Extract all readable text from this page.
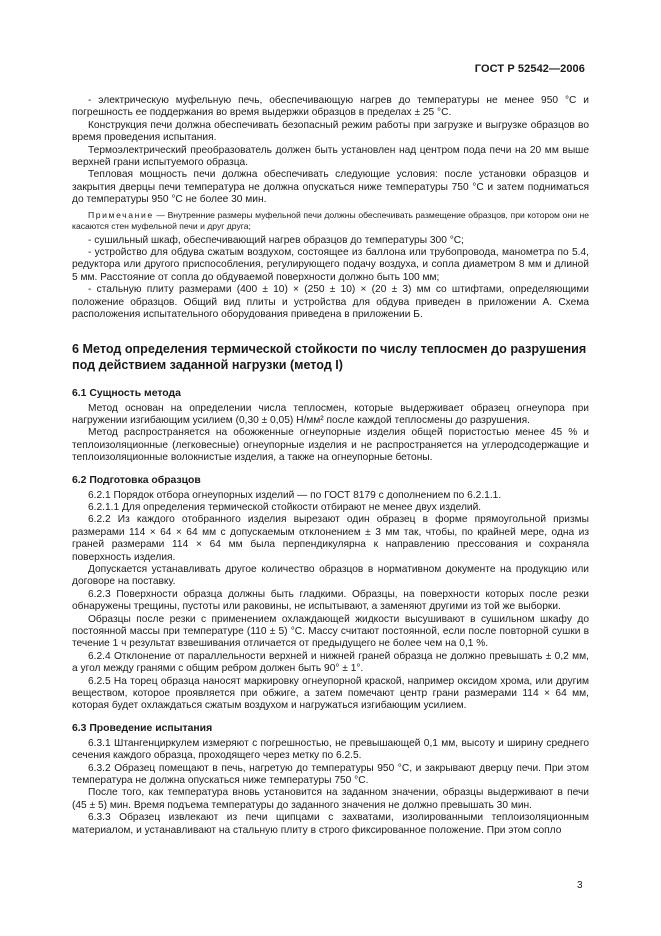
ГОСТ Р 52542—2006

- электрическую муфельную печь, обеспечивающую нагрев до температуры не менее 950 °С и погрешность ее поддержания во время выдержки образцов в пределах ± 25 °С.

Конструкция печи должна обеспечивать безопасный режим работы при загрузке и выгрузке образцов во время проведения испытания.

Термоэлектрический преобразователь должен быть установлен над центром пода печи на 20 мм выше верхней грани испытуемого образца.

Тепловая мощность печи должна обеспечивать следующие условия: после установки образцов и закрытия дверцы печи температура не должна опускаться ниже температуры 750 °С и затем подниматься до температуры 950 °С не более 30 мин.

Примечание — Внутренние размеры муфельной печи должны обеспечивать размещение образцов, при котором они не касаются стен муфельной печи и друг друга;

- сушильный шкаф, обеспечивающий нагрев образцов до температуры 300 °С;

- устройство для обдува сжатым воздухом, состоящее из баллона или трубопровода, манометра по 5.4, редуктора или другого приспособления, регулирующего подачу воздуха, и сопла диаметром 8 мм и длиной 5 мм. Расстояние от сопла до обдуваемой поверхности должно быть 100 мм;

- стальную плиту размерами (400 ± 10) × (250 ± 10) × (20 ± 3) мм со штифтами, определяющими положение образцов. Общий вид плиты и устройства для обдува приведен в приложении А. Схема расположения испытательного оборудования приведена в приложении Б.

6 Метод определения термической стойкости по числу теплосмен до разрушения под действием заданной нагрузки (метод I)
6.1 Сущность метода

Метод основан на определении числа теплосмен, которые выдерживает образец огнеупора при нагружении изгибающим усилием (0,30 ± 0,05) Н/мм² после каждой теплосмены до разрушения.

Метод распространяется на обожженные огнеупорные изделия общей пористостью менее 45 % и теплоизоляционные (легковесные) огнеупорные изделия и не распространяется на углеродсодержащие и теплоизоляционные волокнистые изделия, а также на огнеупорные бетоны.

6.2 Подготовка образцов

6.2.1 Порядок отбора огнеупорных изделий — по ГОСТ 8179 с дополнением по 6.2.1.1.

6.2.1.1 Для определения термической стойкости отбирают не менее двух изделий.

6.2.2 Из каждого отобранного изделия вырезают один образец в форме прямоугольной призмы размерами 114 × 64 × 64 мм с допускаемым отклонением ± 3 мм так, чтобы, по крайней мере, одна из граней размерами 114 × 64 мм была перпендикулярна к направлению прессования и сохраняла поверхность изделия.

Допускается устанавливать другое количество образцов в нормативном документе на продукцию или договоре на поставку.

6.2.3 Поверхности образца должны быть гладкими. Образцы, на поверхности которых после резки обнаружены трещины, пустоты или раковины, не испытывают, а заменяют другими из той же выборки.

Образцы после резки с применением охлаждающей жидкости высушивают в сушильном шкафу до постоянной массы при температуре (110 ± 5) °С. Массу считают постоянной, если после повторной сушки в течение 1 ч результат взвешивания отличается от предыдущего не более чем на 0,1 %.

6.2.4 Отклонение от параллельности верхней и нижней граней образца не должно превышать ± 0,2 мм, а угол между гранями с общим ребром должен быть 90° ± 1°.

6.2.5 На торец образца наносят маркировку огнеупорной краской, например оксидом хрома, или другим веществом, которое проявляется при обжиге, а затем помечают центр грани размерами 114 × 64 мм, которая будет охлаждаться сжатым воздухом и нагружаться изгибающим усилием.

6.3 Проведение испытания

6.3.1 Штангенциркулем измеряют с погрешностью, не превышающей 0,1 мм, высоту и ширину среднего сечения каждого образца, проходящего через метку по 6.2.5.

6.3.2 Образец помещают в печь, нагретую до температуры 950 °С, и закрывают дверцу печи. При этом температура не должна опускаться ниже температуры 750 °С.

После того, как температура вновь установится на заданном значении, образцы выдерживают в печи (45 ± 5) мин. Время подъема температуры до заданного значения не должно превышать 30 мин.

6.3.3 Образец извлекают из печи щипцами с захватами, изолированными теплоизоляционным материалом, и устанавливают на стальную плиту в строго фиксированное положение. При этом сопло

3
